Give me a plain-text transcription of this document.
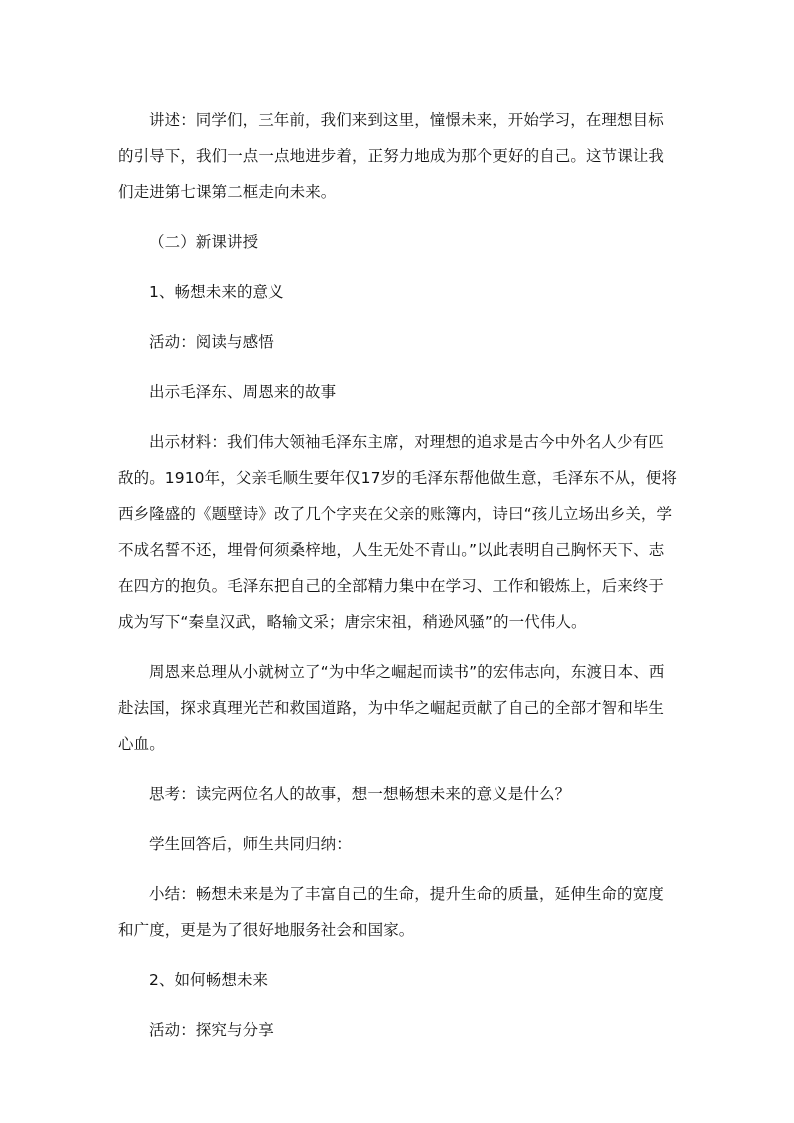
讲述：同学们，三年前，我们来到这里，憧憬未来，开始学习，在理想目标的引导下，我们一点一点地进步着，正努力地成为那个更好的自己。这节课让我们走进第七课第二框走向未来。

（二）新课讲授

1、畅想未来的意义

活动：阅读与感悟

出示毛泽东、周恩来的故事

出示材料：我们伟大领袖毛泽东主席，对理想的追求是古今中外名人少有匹敌的。1910年，父亲毛顺生要年仅17岁的毛泽东帮他做生意，毛泽东不从，便将西乡隆盛的《题壁诗》改了几个字夹在父亲的账簿内，诗曰“孩儿立场出乡关，学不成名誓不还，埋骨何须桑梓地，人生无处不青山。”以此表明自己胸怀天下、志在四方的抱负。毛泽东把自己的全部精力集中在学习、工作和锻炼上，后来终于成为写下“秦皇汉武，略输文采；唐宗宋祖，稍逊风骚”的一代伟人。

周恩来总理从小就树立了“为中华之崛起而读书”的宏伟志向，东渡日本、西赴法国，探求真理光芒和救国道路，为中华之崛起贡献了自己的全部才智和毕生心血。

思考：读完两位名人的故事，想一想畅想未来的意义是什么？

学生回答后，师生共同归纳：

小结：畅想未来是为了丰富自己的生命，提升生命的质量，延伸生命的宽度和广度，更是为了很好地服务社会和国家。

2、如何畅想未来

活动：探究与分享
